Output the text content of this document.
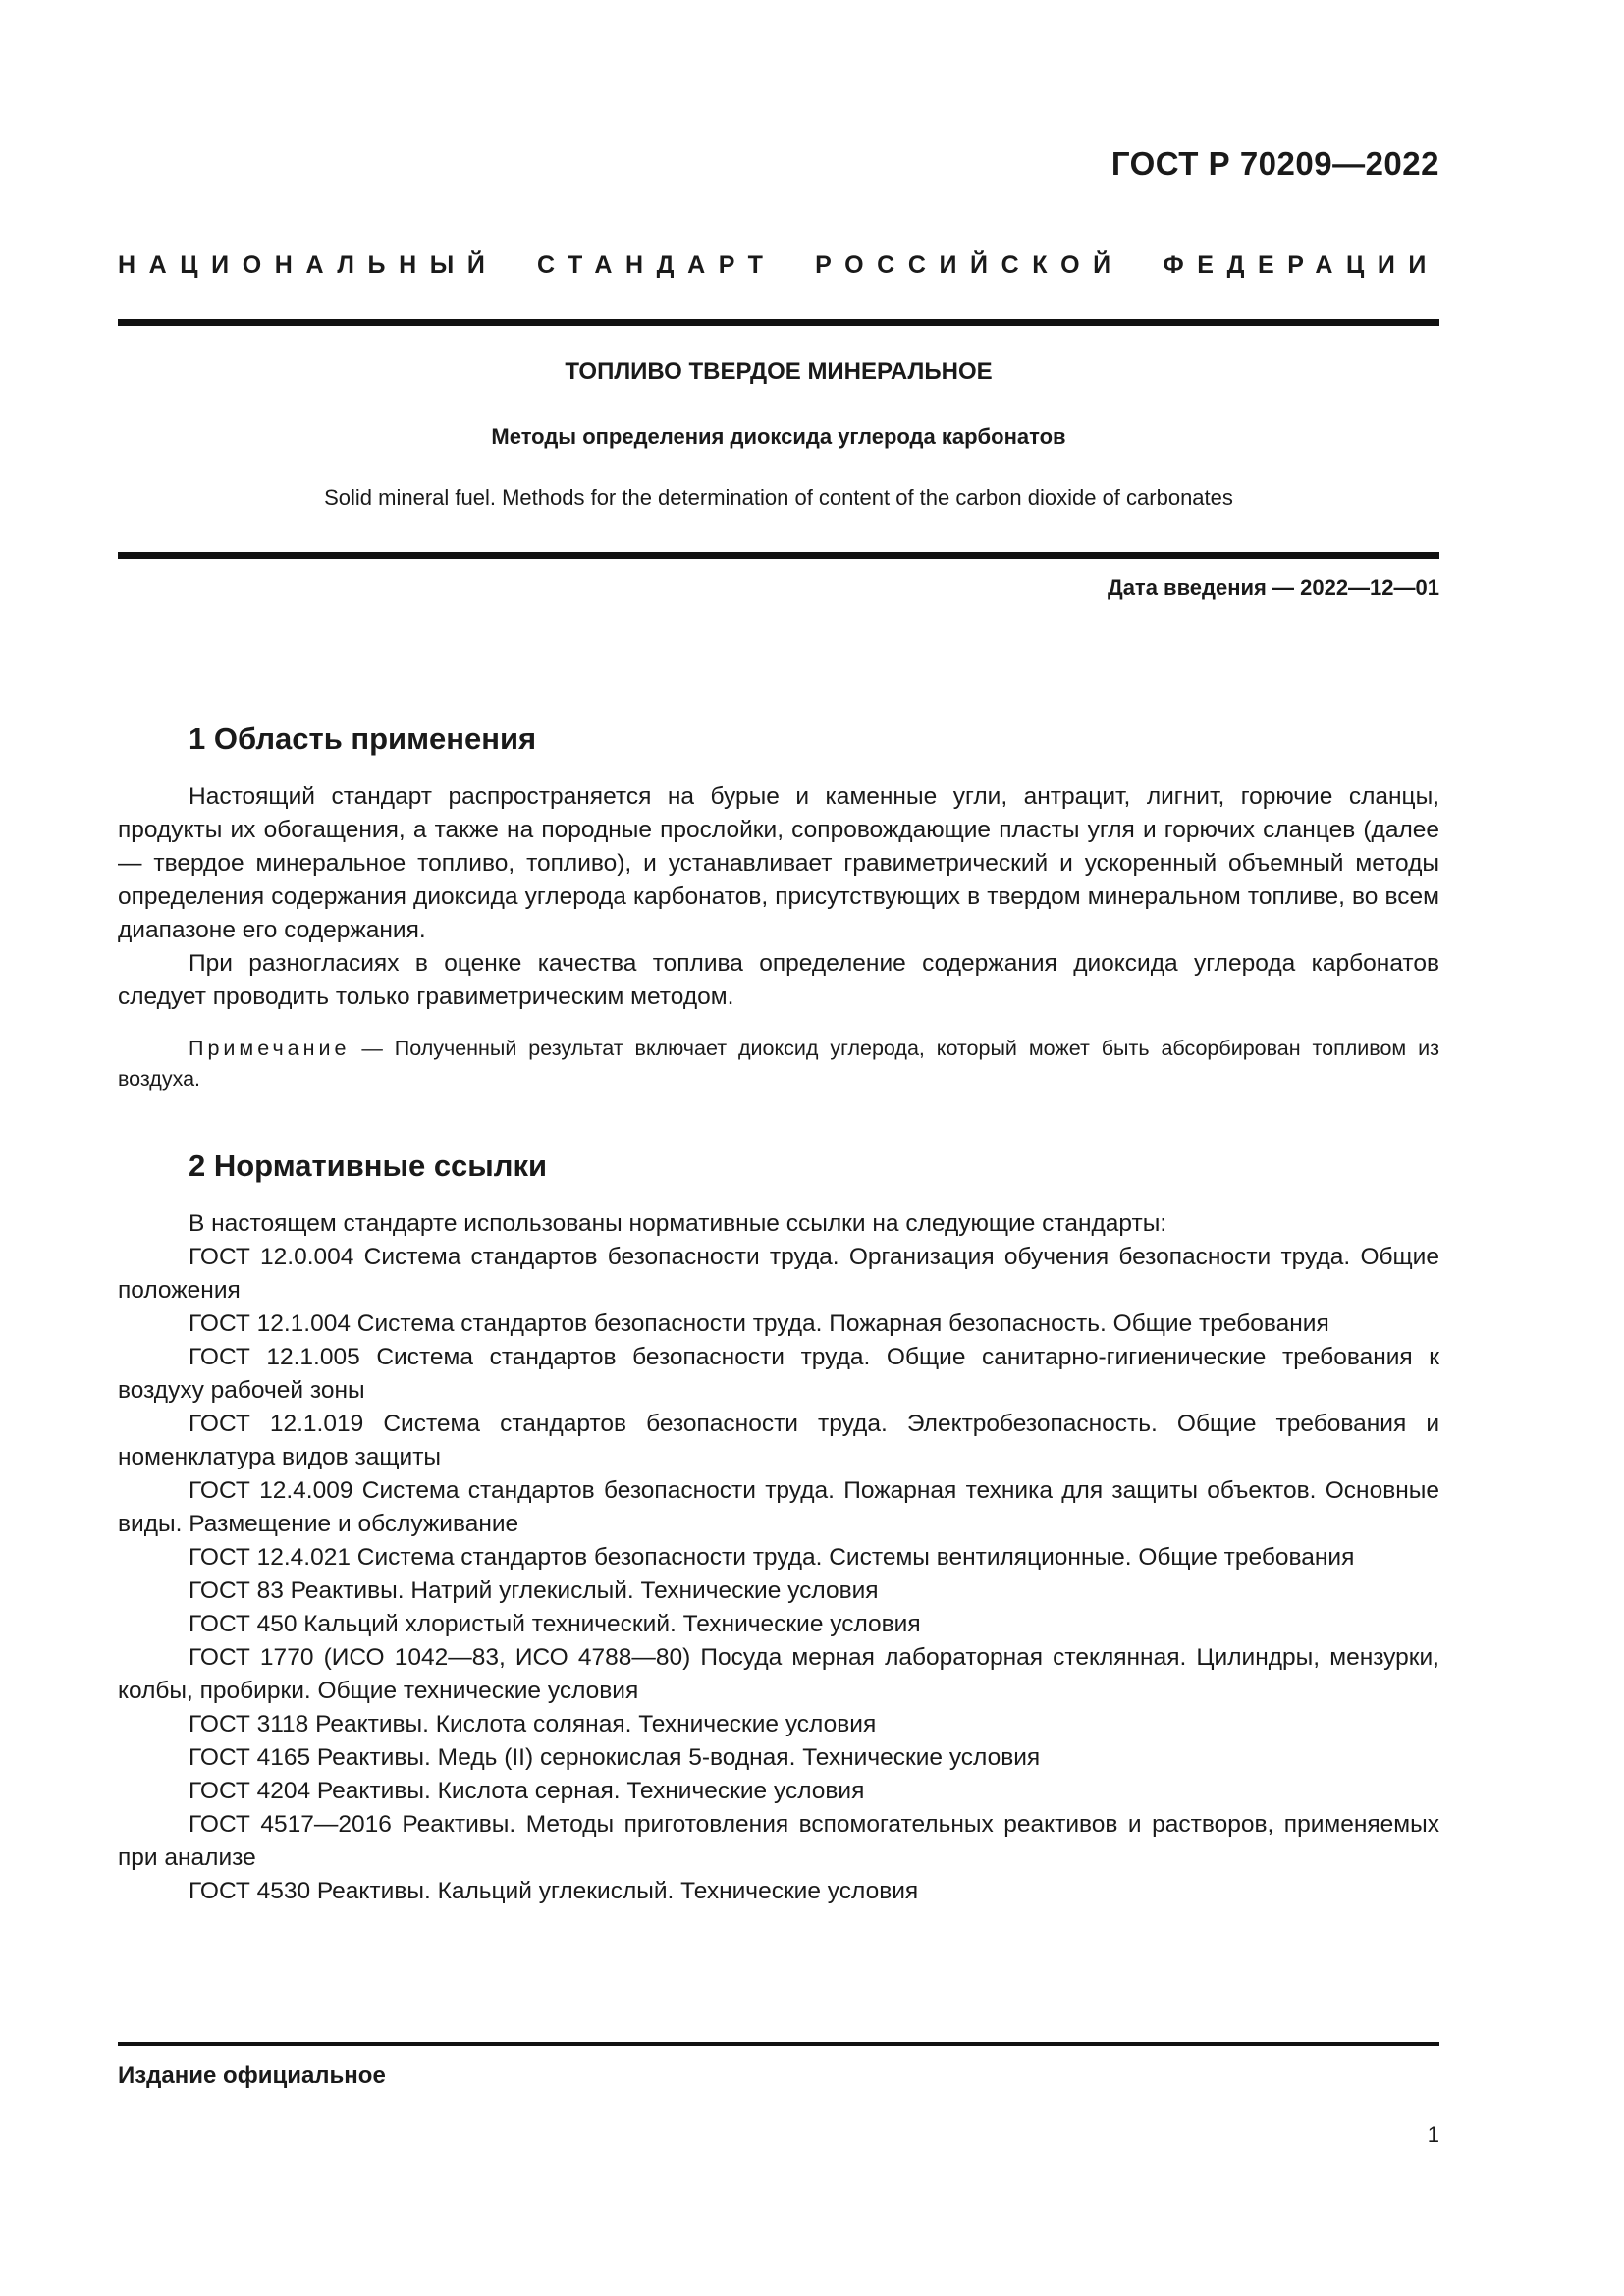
ГОСТ Р 70209—2022
НАЦИОНАЛЬНЫЙ СТАНДАРТ РОССИЙСКОЙ ФЕДЕРАЦИИ
ТОПЛИВО ТВЕРДОЕ МИНЕРАЛЬНОЕ
Методы определения диоксида углерода карбонатов
Solid mineral fuel. Methods for the determination of content of the carbon dioxide of carbonates
Дата введения — 2022—12—01
1 Область применения

Настоящий стандарт распространяется на бурые и каменные угли, антрацит, лигнит, горючие сланцы, продукты их обогащения, а также на породные прослойки, сопровождающие пласты угля и горючих сланцев (далее — твердое минеральное топливо, топливо), и устанавливает гравиметрический и ускоренный объемный методы определения содержания диоксида углерода карбонатов, присутствующих в твердом минеральном топливе, во всем диапазоне его содержания.

При разногласиях в оценке качества топлива определение содержания диоксида углерода карбонатов следует проводить только гравиметрическим методом.

Примечание — Полученный результат включает диоксид углерода, который может быть абсорбирован топливом из воздуха.
2 Нормативные ссылки

В настоящем стандарте использованы нормативные ссылки на следующие стандарты:

ГОСТ 12.0.004 Система стандартов безопасности труда. Организация обучения безопасности труда. Общие положения

ГОСТ 12.1.004 Система стандартов безопасности труда. Пожарная безопасность. Общие требования

ГОСТ 12.1.005 Система стандартов безопасности труда. Общие санитарно-гигиенические требования к воздуху рабочей зоны

ГОСТ 12.1.019 Система стандартов безопасности труда. Электробезопасность. Общие требования и номенклатура видов защиты

ГОСТ 12.4.009 Система стандартов безопасности труда. Пожарная техника для защиты объектов. Основные виды. Размещение и обслуживание

ГОСТ 12.4.021 Система стандартов безопасности труда. Системы вентиляционные. Общие требования

ГОСТ 83 Реактивы. Натрий углекислый. Технические условия

ГОСТ 450 Кальций хлористый технический. Технические условия

ГОСТ 1770 (ИСО 1042—83, ИСО 4788—80) Посуда мерная лабораторная стеклянная. Цилиндры, мензурки, колбы, пробирки. Общие технические условия

ГОСТ 3118 Реактивы. Кислота соляная. Технические условия

ГОСТ 4165 Реактивы. Медь (II) сернокислая 5-водная. Технические условия

ГОСТ 4204 Реактивы. Кислота серная. Технические условия

ГОСТ 4517—2016 Реактивы. Методы приготовления вспомогательных реактивов и растворов, применяемых при анализе

ГОСТ 4530 Реактивы. Кальций углекислый. Технические условия

Издание официальное
1
